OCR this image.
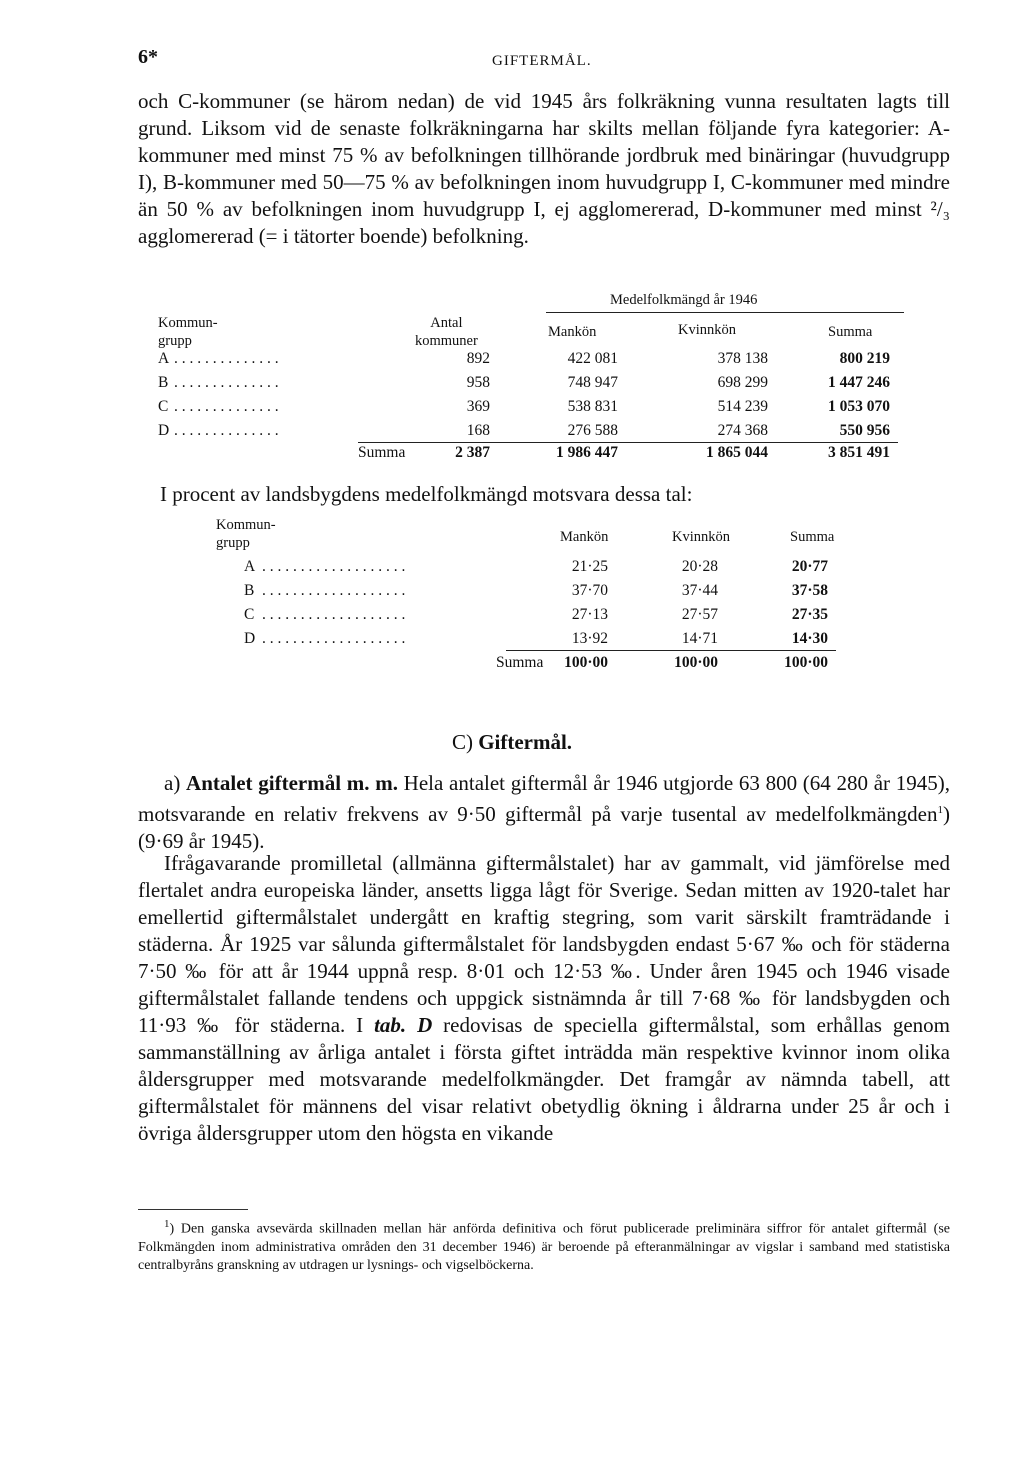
6*	GIFTERMÅL.

och C-kommuner (se härom nedan) de vid 1945 års folkräkning vunna resultaten lagts till grund. Liksom vid de senaste folkräkningarna har skilts mellan följande fyra kategorier: A-kommuner med minst 75 % av befolkningen tillhörande jordbruk med binäringar (huvudgrupp I), B-kommuner med 50—75 % av befolkningen inom huvudgrupp I, C-kommuner med mindre än 50 % av befolkningen inom huvudgrupp I, ej agglomererad, D-kommuner med minst ²/₃ agglomererad (= i tätorter boende) befolkning.

Medelfolkmängd år 1946
Kommun-
grupp
Antal
kommuner
Mankön	Kvinnkön	Summa
A . . . . . . . . . . . . . .	892	422 081	378 138	800 219
B . . . . . . . . . . . . . .	958	748 947	698 299	1 447 246
C . . . . . . . . . . . . . .	369	538 831	514 239	1 053 070
D . . . . . . . . . . . . . .	168	276 588	274 368	550 956
Summa	2 387	1 986 447	1 865 044	3 851 491
I procent av landsbygdens medelfolkmängd motsvara dessa tal:
Kommun-
grupp	Mankön	Kvinnkön	Summa
A . . . . . . . . . . . . . . . . . . .	21·25	20·28	20·77
B . . . . . . . . . . . . . . . . . . .	37·70	37·44	37·58
C . . . . . . . . . . . . . . . . . . .	27·13	27·57	27·35
D . . . . . . . . . . . . . . . . . . .	13·92	14·71	14·30
Summa	100·00	100·00	100·00
C) Giftermål.

a) Antalet giftermål m. m. Hela antalet giftermål år 1946 utgjorde 63 800 (64 280 år 1945), motsvarande en relativ frekvens av 9·50 giftermål på varje tusental av medelfolkmängden$^1$) (9·69 år 1945).

Ifrågavarande promilletal (allmänna giftermålstalet) har av gammalt, vid jämförelse med flertalet andra europeiska länder, ansetts ligga lågt för Sverige. Sedan mitten av 1920-talet har emellertid giftermålstalet undergått en kraftig stegring, som varit särskilt framträdande i städerna. År 1925 var sålunda giftermålstalet för landsbygden endast 5·67 ‰ och för städerna 7·50 ‰ för att år 1944 uppnå resp. 8·01 och 12·53 ‰. Under åren 1945 och 1946 visade giftermålstalet fallande tendens och uppgick sistnämnda år till 7·68 ‰ för landsbygden och 11·93 ‰ för städerna. I tab. D redovisas de speciella giftermålstal, som erhållas genom sammanställning av årliga antalet i första giftet inträdda män respektive kvinnor inom olika åldersgrupper med motsvarande medelfolkmängder. Det framgår av nämnda tabell, att giftermålstalet för männens del visar relativt obetydlig ökning i åldrarna under 25 år och i övriga åldersgrupper utom den högsta en vikande

$^1$) Den ganska avsevärda skillnaden mellan här anförda definitiva och förut publicerade preliminära siffror för antalet giftermål (se Folkmängden inom administrativa områden den 31 december 1946) är beroende på efteranmälningar av vigslar i samband med statistiska centralbyråns granskning av utdragen ur lysnings- och vigselböckerna.
